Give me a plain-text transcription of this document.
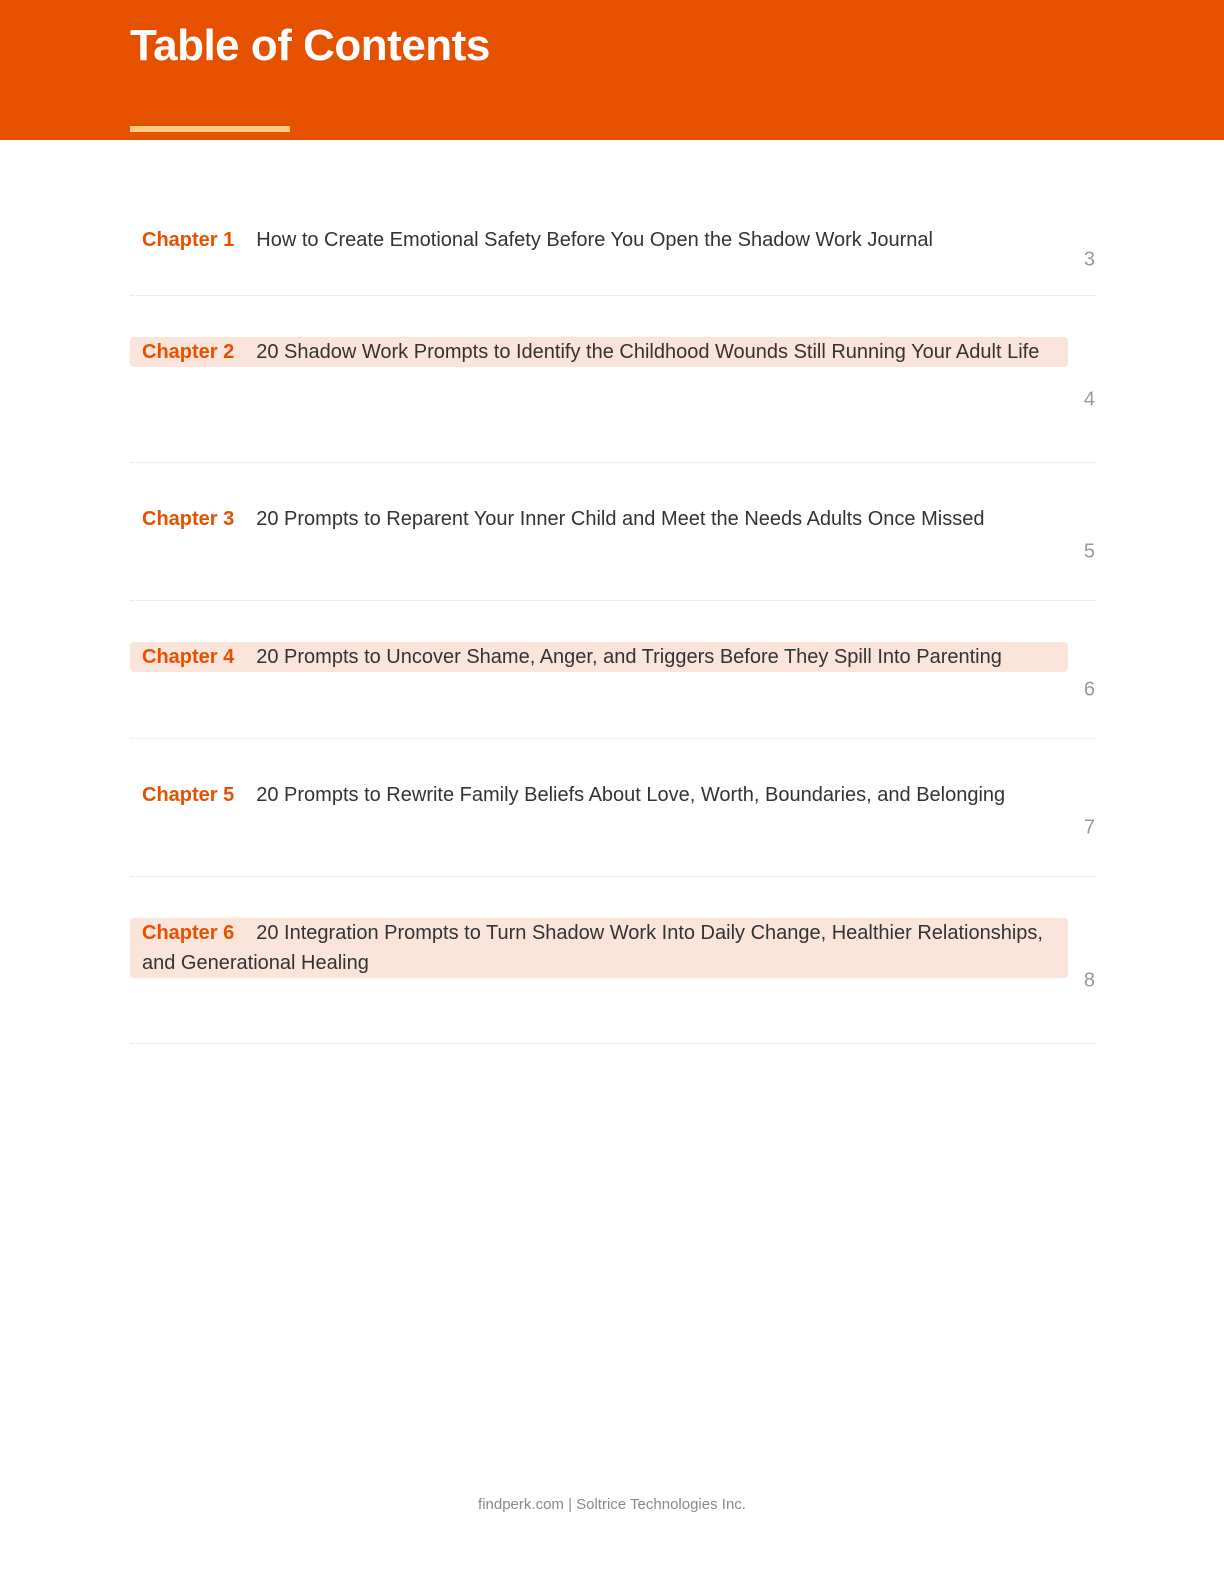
Table of Contents
Chapter 1 How to Create Emotional Safety Before You Open the Shadow Work Journal
3
Chapter 2 20 Shadow Work Prompts to Identify the Childhood Wounds Still Running Your Adult Life
4
Chapter 3 20 Prompts to Reparent Your Inner Child and Meet the Needs Adults Once Missed
5
Chapter 4 20 Prompts to Uncover Shame, Anger, and Triggers Before They Spill Into Parenting
6
Chapter 5 20 Prompts to Rewrite Family Beliefs About Love, Worth, Boundaries, and Belonging
7
Chapter 6 20 Integration Prompts to Turn Shadow Work Into Daily Change, Healthier Relationships, and Generational Healing
8
findperk.com | Soltrice Technologies Inc.
